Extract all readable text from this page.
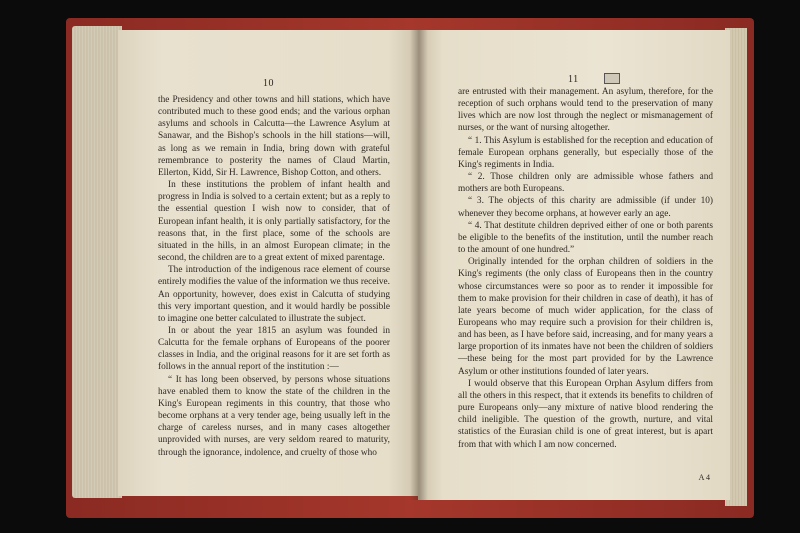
10

the Presidency and other towns and hill stations, which have contributed much to these good ends; and the various orphan asylums and schools in Calcutta—the Lawrence Asylum at Sanawar, and the Bishop's schools in the hill stations—will, as long as we remain in India, bring down with grateful remembrance to posterity the names of Claud Martin, Ellerton, Kidd, Sir H. Lawrence, Bishop Cotton, and others.

In these institutions the problem of infant health and progress in India is solved to a certain extent; but as a reply to the essential question I wish now to consider, that of European infant health, it is only partially satisfactory, for the reasons that, in the first place, some of the schools are situated in the hills, in an almost European climate; in the second, the children are to a great extent of mixed parentage.

The introduction of the indigenous race element of course entirely modifies the value of the information we thus receive. An opportunity, however, does exist in Calcutta of studying this very important question, and it would hardly be possible to imagine one better calculated to illustrate the subject.

In or about the year 1815 an asylum was founded in Calcutta for the female orphans of Europeans of the poorer classes in India, and the original reasons for it are set forth as follows in the annual report of the institution :—

“ It has long been observed, by persons whose situations have enabled them to know the state of the children in the King's European regiments in this country, that those who become orphans at a very tender age, being usually left in the charge of careless nurses, and in many cases altogether unprovided with nurses, are very seldom reared to maturity, through the ignorance, indolence, and cruelty of those who

11

are entrusted with their management. An asylum, therefore, for the reception of such orphans would tend to the preservation of many lives which are now lost through the neglect or mismanagement of nurses, or the want of nursing altogether.

“ 1. This Asylum is established for the reception and education of female European orphans generally, but especially those of the King's regiments in India.

“ 2. Those children only are admissible whose fathers and mothers are both Europeans.

“ 3. The objects of this charity are admissible (if under 10) whenever they become orphans, at however early an age.

“ 4. That destitute children deprived either of one or both parents be eligible to the benefits of the institution, until the number reach to the amount of one hundred.”

Originally intended for the orphan children of soldiers in the King's regiments (the only class of Europeans then in the country whose circumstances were so poor as to render it impossible for them to make provision for their children in case of death), it has of late years become of much wider application, for the class of Europeans who may require such a provision for their children is, and has been, as I have before said, increasing, and for many years a large proportion of its inmates have not been the children of soldiers—these being for the most part provided for by the Lawrence Asylum or other institutions founded of later years.

I would observe that this European Orphan Asylum differs from all the others in this respect, that it extends its benefits to children of pure Europeans only—any mixture of native blood rendering the child ineligible. The question of the growth, nurture, and vital statistics of the Eurasian child is one of great interest, but is apart from that with which I am now concerned.

A 4
